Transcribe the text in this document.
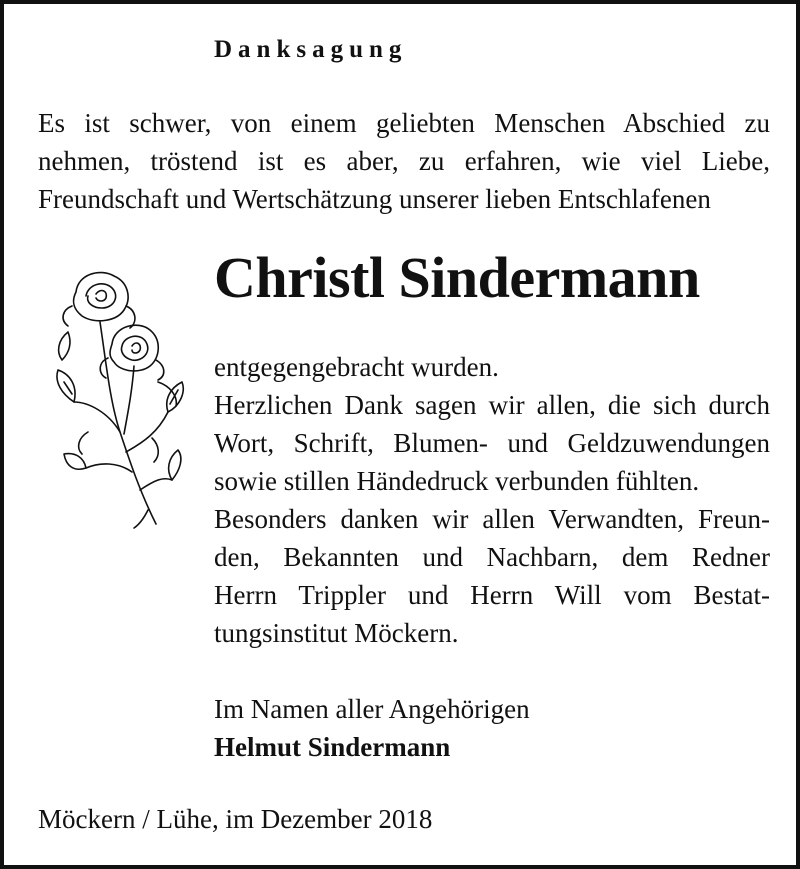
Danksagung

Es ist schwer, von einem geliebten Menschen Abschied zu
nehmen, tröstend ist es aber, zu erfahren, wie viel Liebe,
Freundschaft und Wertschätzung unserer lieben Entschlafenen

Christl Sindermann

entgegengebracht wurden.
Herzlichen Dank sagen wir allen, die sich durch
Wort, Schrift, Blumen- und Geldzuwendungen
sowie stillen Händedruck verbunden fühlten.
Besonders danken wir allen Verwandten, Freun-
den, Bekannten und Nachbarn, dem Redner
Herrn Trippler und Herrn Will vom Bestat-
tungsinstitut Möckern.

Im Namen aller Angehörigen
Helmut Sindermann

Möckern / Lühe, im Dezember 2018
